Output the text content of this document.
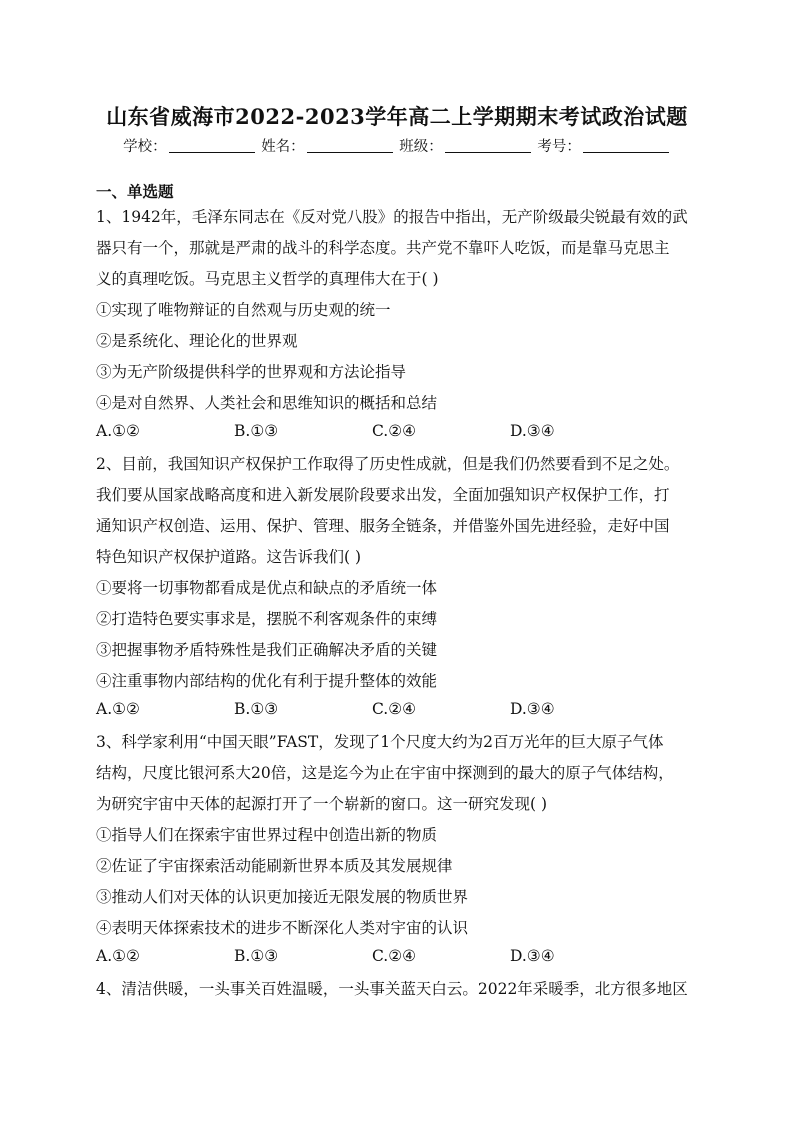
山东省威海市2022-2023学年高二上学期期末考试政治试题
学校：	姓名：	班级：	考号：
一、单选题
1、1942年，毛泽东同志在《反对党八股》的报告中指出，无产阶级最尖锐最有效的武
器只有一个，那就是严肃的战斗的科学态度。共产党不靠吓人吃饭，而是靠马克思主
义的真理吃饭。马克思主义哲学的真理伟大在于( )
①实现了唯物辩证的自然观与历史观的统一
②是系统化、理论化的世界观
③为无产阶级提供科学的世界观和方法论指导
④是对自然界、人类社会和思维知识的概括和总结
A.①②	B.①③	C.②④	D.③④
2、目前，我国知识产权保护工作取得了历史性成就，但是我们仍然要看到不足之处。
我们要从国家战略高度和进入新发展阶段要求出发，全面加强知识产权保护工作，打
通知识产权创造、运用、保护、管理、服务全链条，并借鉴外国先进经验，走好中国
特色知识产权保护道路。这告诉我们( )
①要将一切事物都看成是优点和缺点的矛盾统一体
②打造特色要实事求是，摆脱不利客观条件的束缚
③把握事物矛盾特殊性是我们正确解决矛盾的关键
④注重事物内部结构的优化有利于提升整体的效能
A.①②	B.①③	C.②④	D.③④
3、科学家利用“中国天眼”FAST，发现了1个尺度大约为2百万光年的巨大原子气体
结构，尺度比银河系大20倍，这是迄今为止在宇宙中探测到的最大的原子气体结构，
为研究宇宙中天体的起源打开了一个崭新的窗口。这一研究发现( )
①指导人们在探索宇宙世界过程中创造出新的物质
②佐证了宇宙探索活动能刷新世界本质及其发展规律
③推动人们对天体的认识更加接近无限发展的物质世界
④表明天体探索技术的进步不断深化人类对宇宙的认识
A.①②	B.①③	C.②④	D.③④
4、清洁供暖，一头事关百姓温暖，一头事关蓝天白云。2022年采暖季，北方很多地区
